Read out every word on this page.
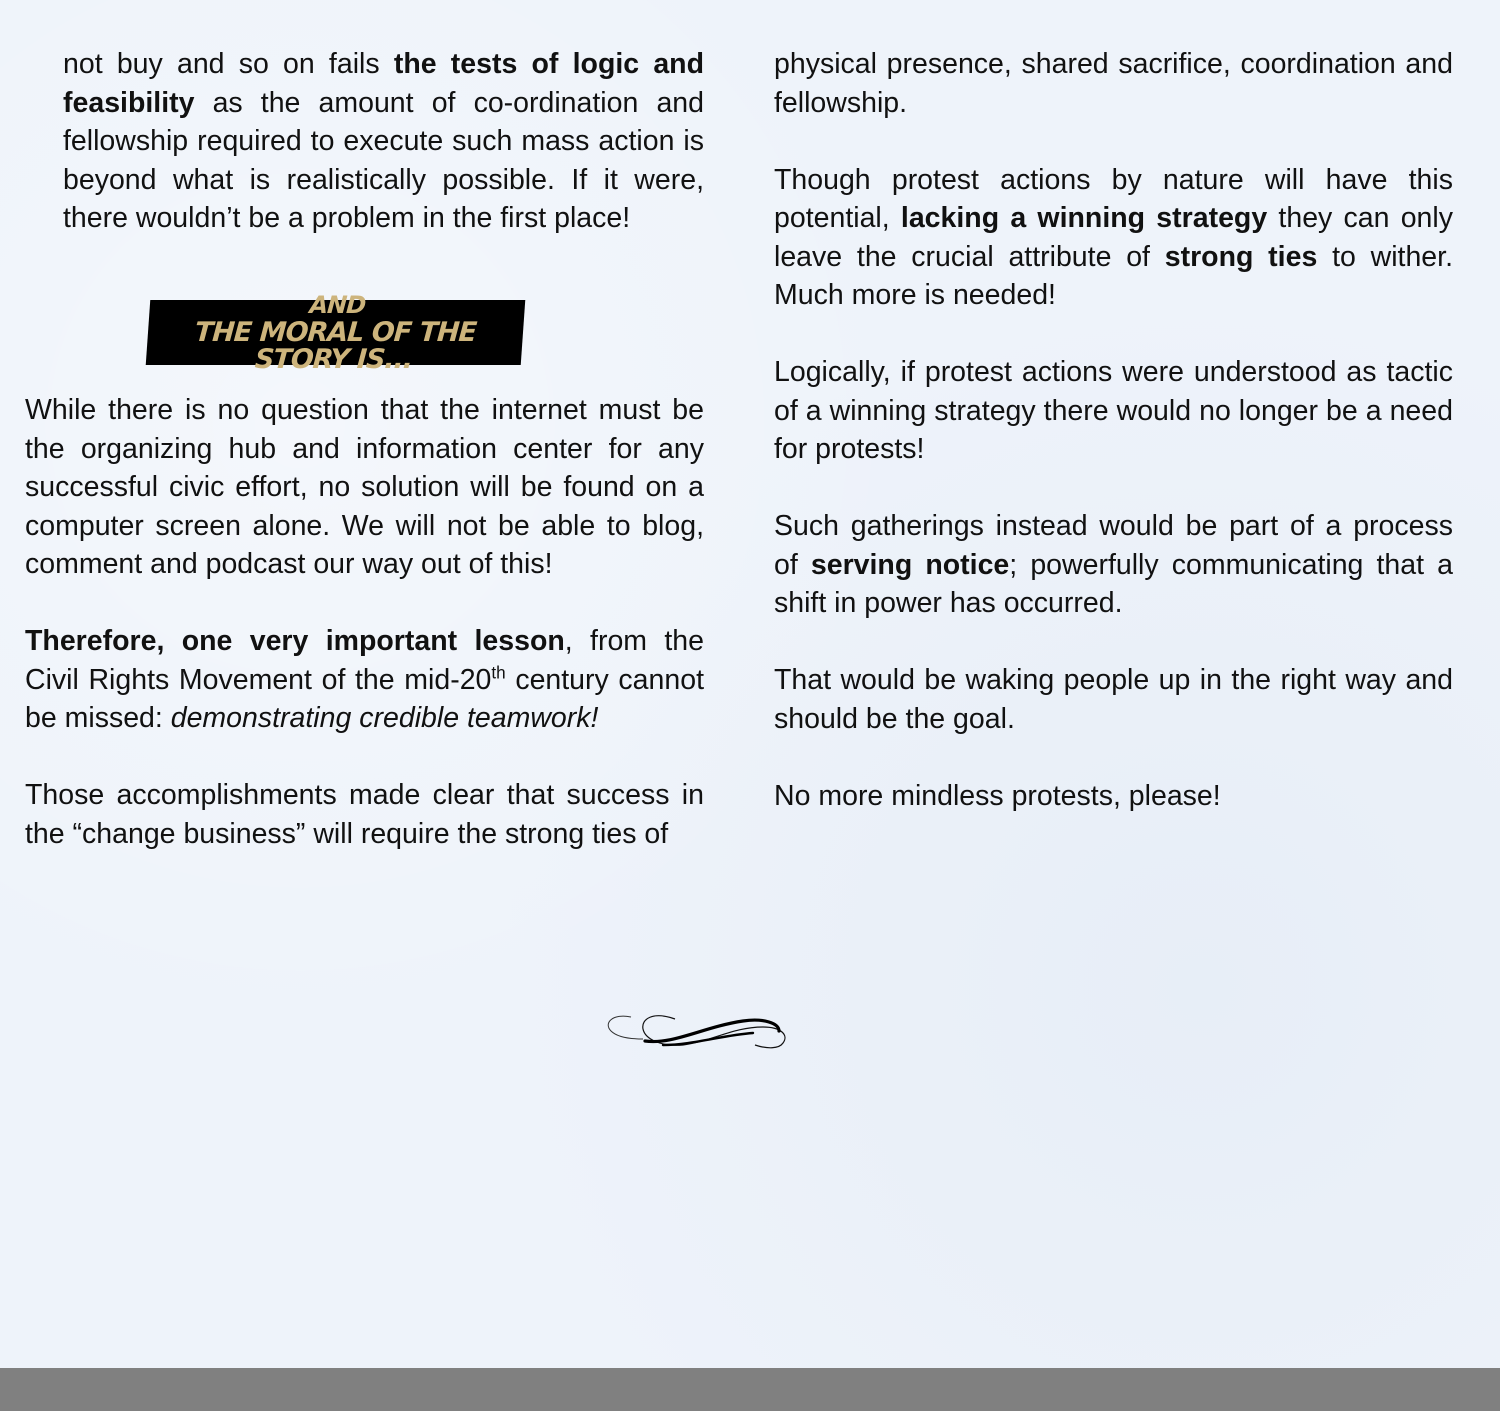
not buy and so on fails the tests of logic and feasibility as the amount of co-ordination and fellowship required to execute such mass action is beyond what is realistically possible. If it were, there wouldn’t be a problem in the first place!

AND
THE MORAL OF THE STORY IS...

While there is no question that the internet must be the organizing hub and information center for any successful civic effort, no solution will be found on a computer screen alone. We will not be able to blog, comment and podcast our way out of this!

Therefore, one very important lesson, from the Civil Rights Movement of the mid-20th century cannot be missed: demonstrating credible teamwork!

Those accomplishments made clear that success in the “change business” will require the strong ties of

physical presence, shared sacrifice, coordination and fellowship.

Though protest actions by nature will have this potential, lacking a winning strategy they can only leave the crucial attribute of strong ties to wither. Much more is needed!

Logically, if protest actions were understood as tactic of a winning strategy there would no longer be a need for protests!

Such gatherings instead would be part of a process of serving notice; powerfully communicating that a shift in power has occurred.

That would be waking people up in the right way and should be the goal.

No more mindless protests, please!
